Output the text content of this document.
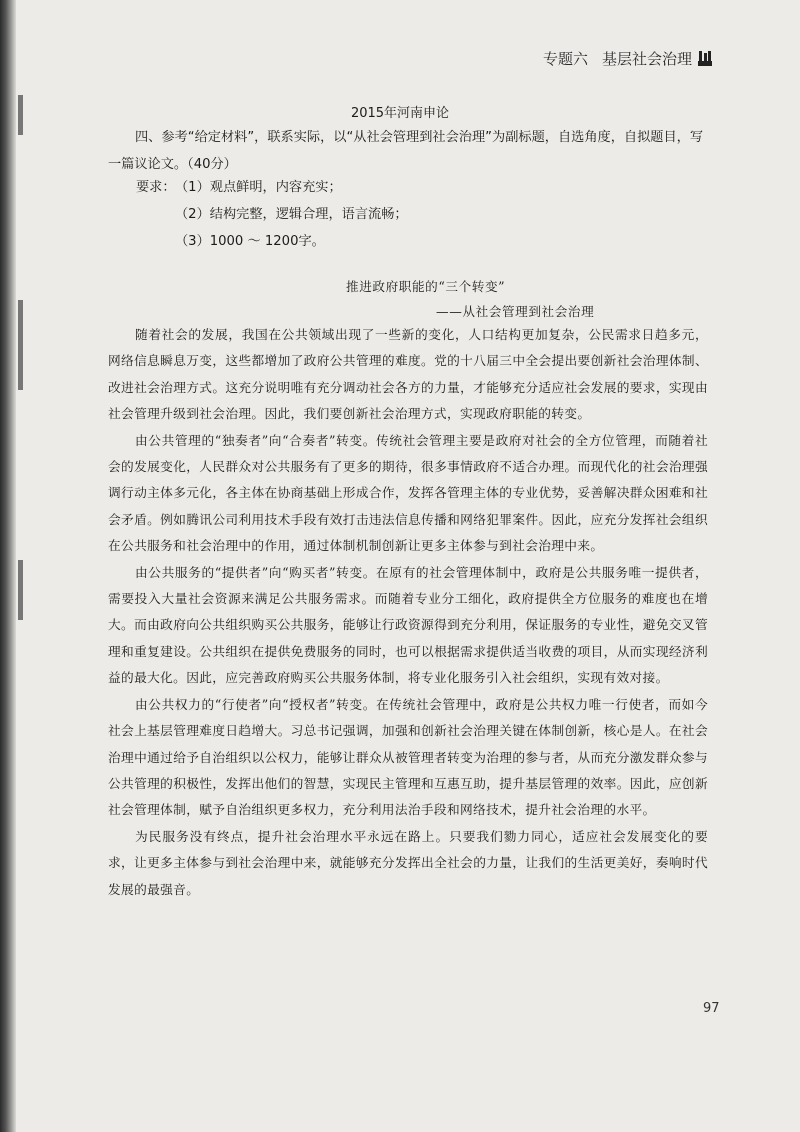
专题六 基层社会治理
2015年河南申论

四、参考“给定材料”，联系实际，以“从社会管理到社会治理”为副标题，自选角度，自拟题目，写一篇议论文。（40分）

要求： （1）观点鲜明，内容充实；
（2）结构完整，逻辑合理，语言流畅；
（3）1000 ～ 1200字。
推进政府职能的“三个转变”
——从社会管理到社会治理

随着社会的发展，我国在公共领域出现了一些新的变化，人口结构更加复杂，公民需求日趋多元，网络信息瞬息万变，这些都增加了政府公共管理的难度。党的十八届三中全会提出要创新社会治理体制、改进社会治理方式。这充分说明唯有充分调动社会各方的力量，才能够充分适应社会发展的要求，实现由社会管理升级到社会治理。因此，我们要创新社会治理方式，实现政府职能的转变。

由公共管理的“独奏者”向“合奏者”转变。传统社会管理主要是政府对社会的全方位管理，而随着社会的发展变化，人民群众对公共服务有了更多的期待，很多事情政府不适合办理。而现代化的社会治理强调行动主体多元化，各主体在协商基础上形成合作，发挥各管理主体的专业优势，妥善解决群众困难和社会矛盾。例如腾讯公司利用技术手段有效打击违法信息传播和网络犯罪案件。因此，应充分发挥社会组织在公共服务和社会治理中的作用，通过体制机制创新让更多主体参与到社会治理中来。

由公共服务的“提供者”向“购买者”转变。在原有的社会管理体制中，政府是公共服务唯一提供者，需要投入大量社会资源来满足公共服务需求。而随着专业分工细化，政府提供全方位服务的难度也在增大。而由政府向公共组织购买公共服务，能够让行政资源得到充分利用，保证服务的专业性，避免交叉管理和重复建设。公共组织在提供免费服务的同时，也可以根据需求提供适当收费的项目，从而实现经济利益的最大化。因此，应完善政府购买公共服务体制，将专业化服务引入社会组织，实现有效对接。

由公共权力的“行使者”向“授权者”转变。在传统社会管理中，政府是公共权力唯一行使者，而如今社会上基层管理难度日趋增大。习总书记强调，加强和创新社会治理关键在体制创新，核心是人。在社会治理中通过给予自治组织以公权力，能够让群众从被管理者转变为治理的参与者，从而充分激发群众参与公共管理的积极性，发挥出他们的智慧，实现民主管理和互惠互助，提升基层管理的效率。因此，应创新社会管理体制，赋予自治组织更多权力，充分利用法治手段和网络技术，提升社会治理的水平。

为民服务没有终点，提升社会治理水平永远在路上。只要我们勠力同心，适应社会发展变化的要求，让更多主体参与到社会治理中来，就能够充分发挥出全社会的力量，让我们的生活更美好，奏响时代发展的最强音。

97
